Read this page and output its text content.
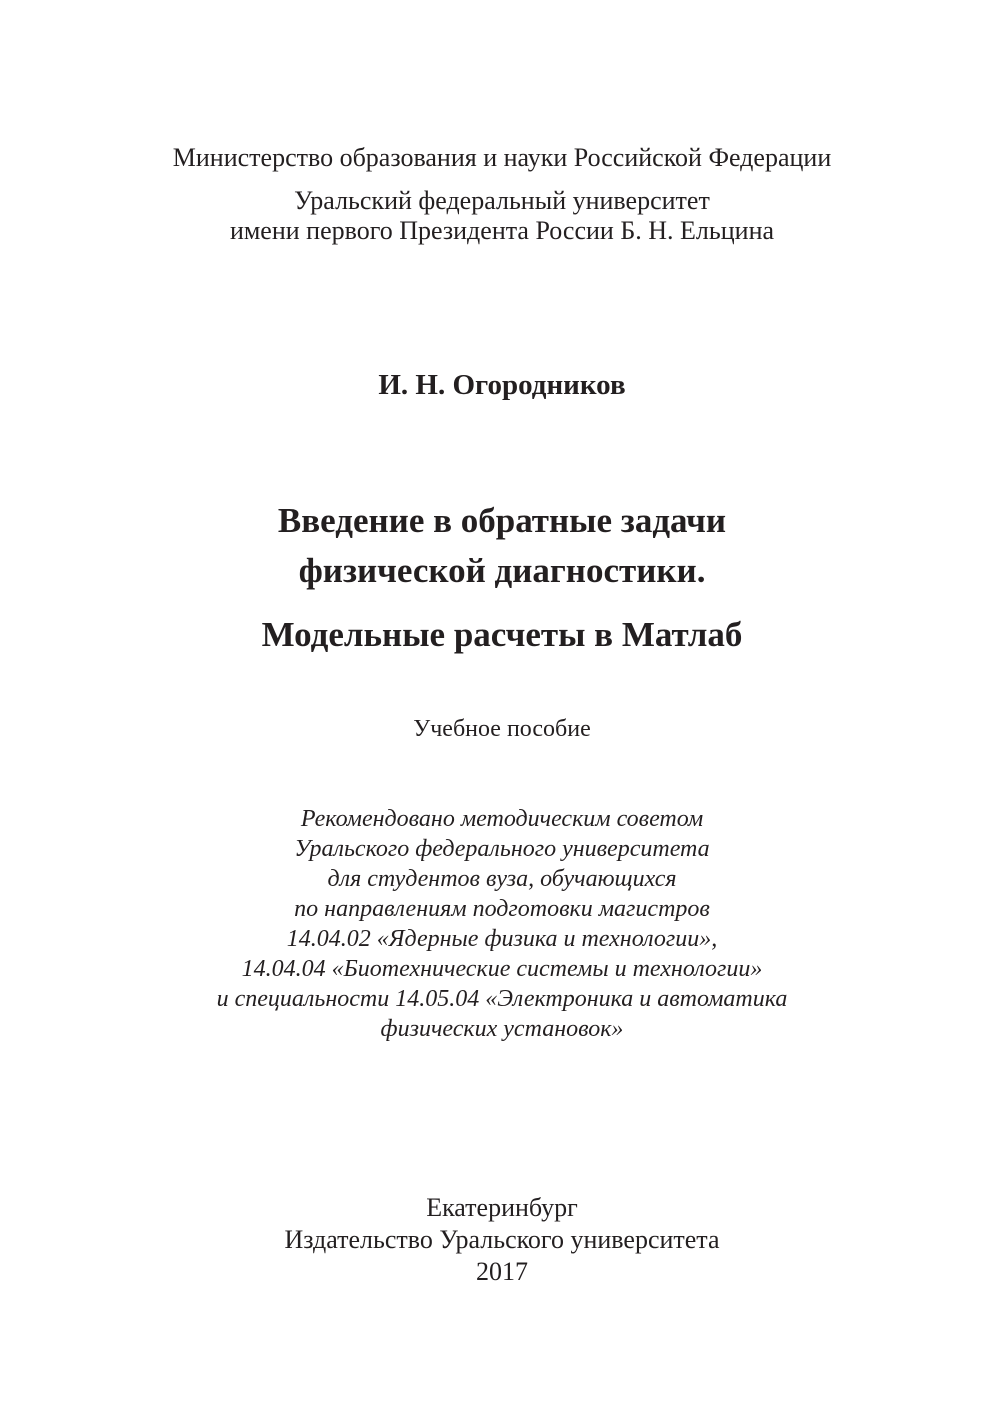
Министерство образования и науки Российской Федерации
Уральский федеральный университет
имени первого Президента России Б. Н. Ельцина
И. Н. Огородников
Введение в обратные задачи
физической диагностики.
Модельные расчеты в Матлаб
Учебное пособие
Рекомендовано методическим советом
Уральского федерального университета
для студентов вуза, обучающихся
по направлениям подготовки магистров
14.04.02 «Ядерные физика и технологии»,
14.04.04 «Биотехнические системы и технологии»
и специальности 14.05.04 «Электроника и автоматика
физических установок»
Екатеринбург
Издательство Уральского университета
2017
